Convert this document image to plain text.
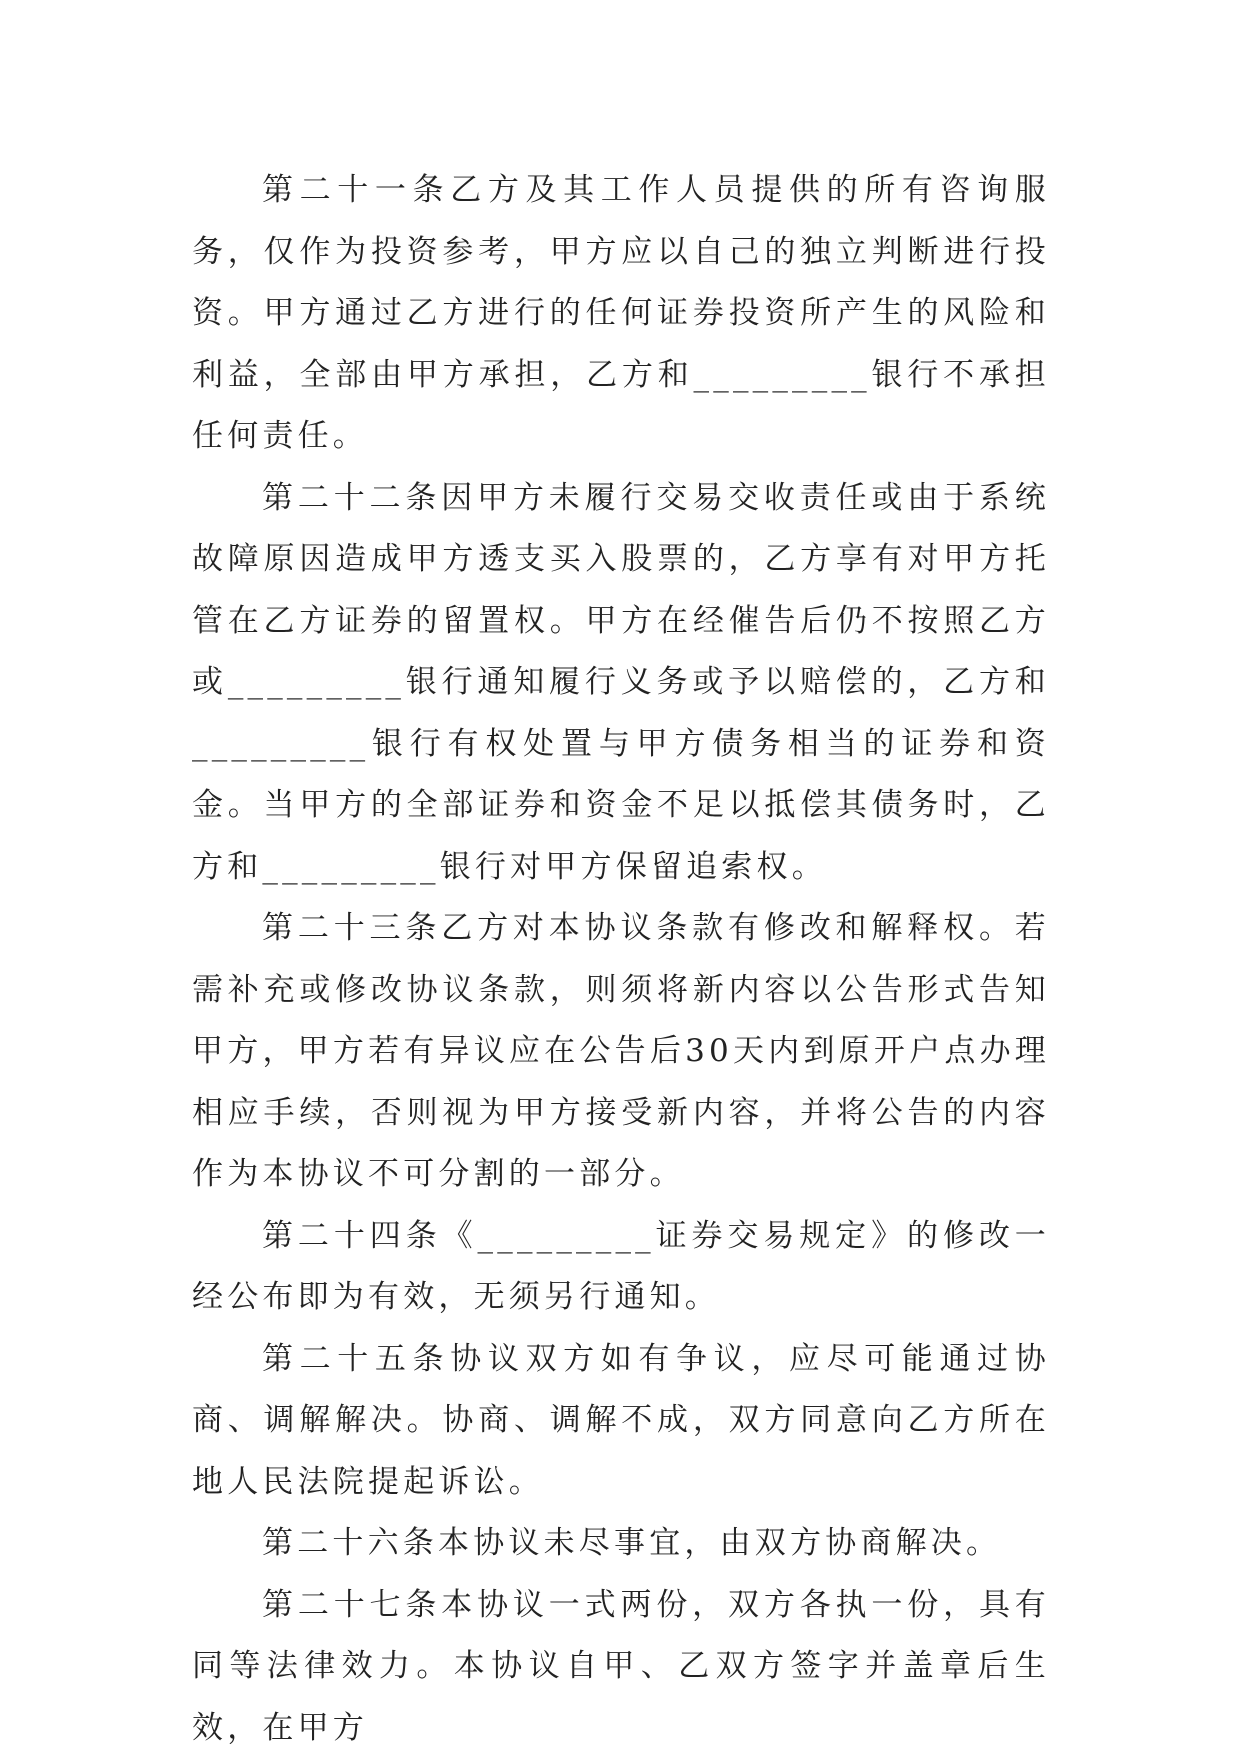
第二十一条乙方及其工作人员提供的所有咨询服务，仅作为投资参考，甲方应以自己的独立判断进行投资。甲方通过乙方进行的任何证券投资所产生的风险和利益，全部由甲方承担，乙方和_________银行不承担任何责任。

第二十二条因甲方未履行交易交收责任或由于系统故障原因造成甲方透支买入股票的，乙方享有对甲方托管在乙方证券的留置权。甲方在经催告后仍不按照乙方或_________银行通知履行义务或予以赔偿的，乙方和_________银行有权处置与甲方债务相当的证券和资金。当甲方的全部证券和资金不足以抵偿其债务时，乙方和_________银行对甲方保留追索权。

第二十三条乙方对本协议条款有修改和解释权。若需补充或修改协议条款，则须将新内容以公告形式告知甲方，甲方若有异议应在公告后30天内到原开户点办理相应手续，否则视为甲方接受新内容，并将公告的内容作为本协议不可分割的一部分。

第二十四条《_________证券交易规定》的修改一经公布即为有效，无须另行通知。

第二十五条协议双方如有争议，应尽可能通过协商、调解解决。协商、调解不成，双方同意向乙方所在地人民法院提起诉讼。

第二十六条本协议未尽事宜，由双方协商解决。

第二十七条本协议一式两份，双方各执一份，具有同等法律效力。本协议自甲、乙双方签字并盖章后生效，在甲方
